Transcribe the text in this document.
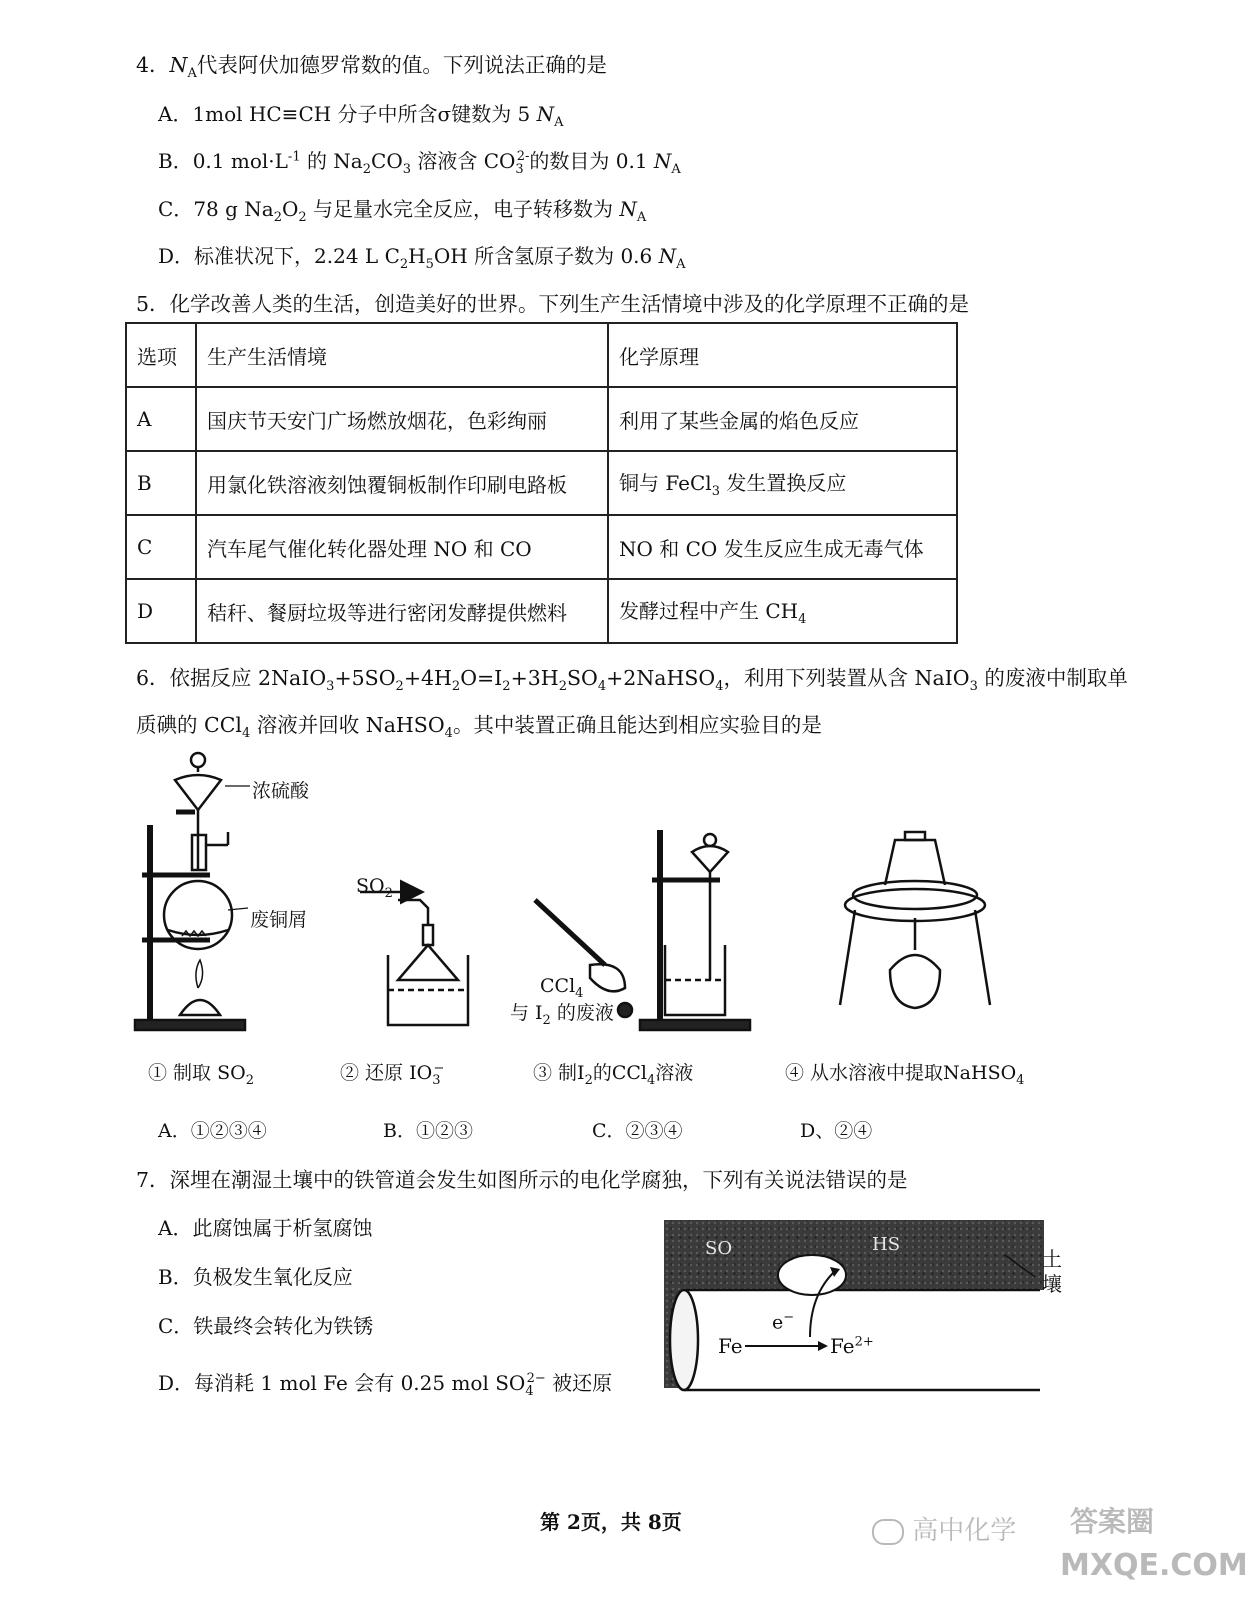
4．$N_A$代表阿伏加德罗常数的值。下列说法正确的是
A．1mol HC≡CH 分子中所含σ键数为 5 $N_A$
B．0.1 $mol\cdot L^{-1}$ 的 $Na_2CO_3$ 溶液含 $CO_3^{2-}$的数目为 0.1 $N_A$
C．78 g $Na_2O_2$ 与足量水完全反应，电子转移数为 $N_A$
D．标准状况下，2.24 L $C_2H_5OH$ 所含氢原子数为 0.6 $N_A$
5．化学改善人类的生活，创造美好的世界。下列生产生活情境中涉及的化学原理不正确的是
选项	生产生活情境	化学原理
A	国庆节天安门广场燃放烟花，色彩绚丽	利用了某些金属的焰色反应
B	用氯化铁溶液刻蚀覆铜板制作印刷电路板	铜与 FeCl$_3$ 发生置换反应
C	汽车尾气催化转化器处理 NO 和 CO	NO 和 CO 发生反应生成无毒气体
D	秸秆、餐厨垃圾等进行密闭发酵提供燃料	发酵过程中产生 $CH_4$
6．依据反应 $2NaIO_3+5SO_2+4H_2O=I_2+3H_2SO_4+2NaHSO_4$，利用下列装置从含 NaIO$_3$ 的废液中制取单
质碘的 CCl$_4$ 溶液并回收 NaHSO$_4$。其中装置正确且能达到相应实验目的是
浓硫酸
废铜屑
$SO_2$
CCl$_4$
与 $I_2$ 的废液
① 制取 $SO_2$	② 还原 $IO_3^-$	③ 制$I_2$的CCl$_4$溶液	④ 从水溶液中提取NaHSO$_4$
A．①②③④	B．①②③	C．②③④	D、②④
7．深埋在潮湿土壤中的铁管道会发生如图所示的电化学腐独，下列有关说法错误的是
A．此腐蚀属于析氢腐蚀
B．负极发生氧化反应
C．铁最终会转化为铁锈
D．每消耗 1 mol Fe 会有 0.25 mol $SO_4^{2-}$ 被还原
SO	HS
土
壤
e−
Fe	$Fe^{2+}$
第 2页，共 8页	高中化学 答案圈
MXQE.COM
